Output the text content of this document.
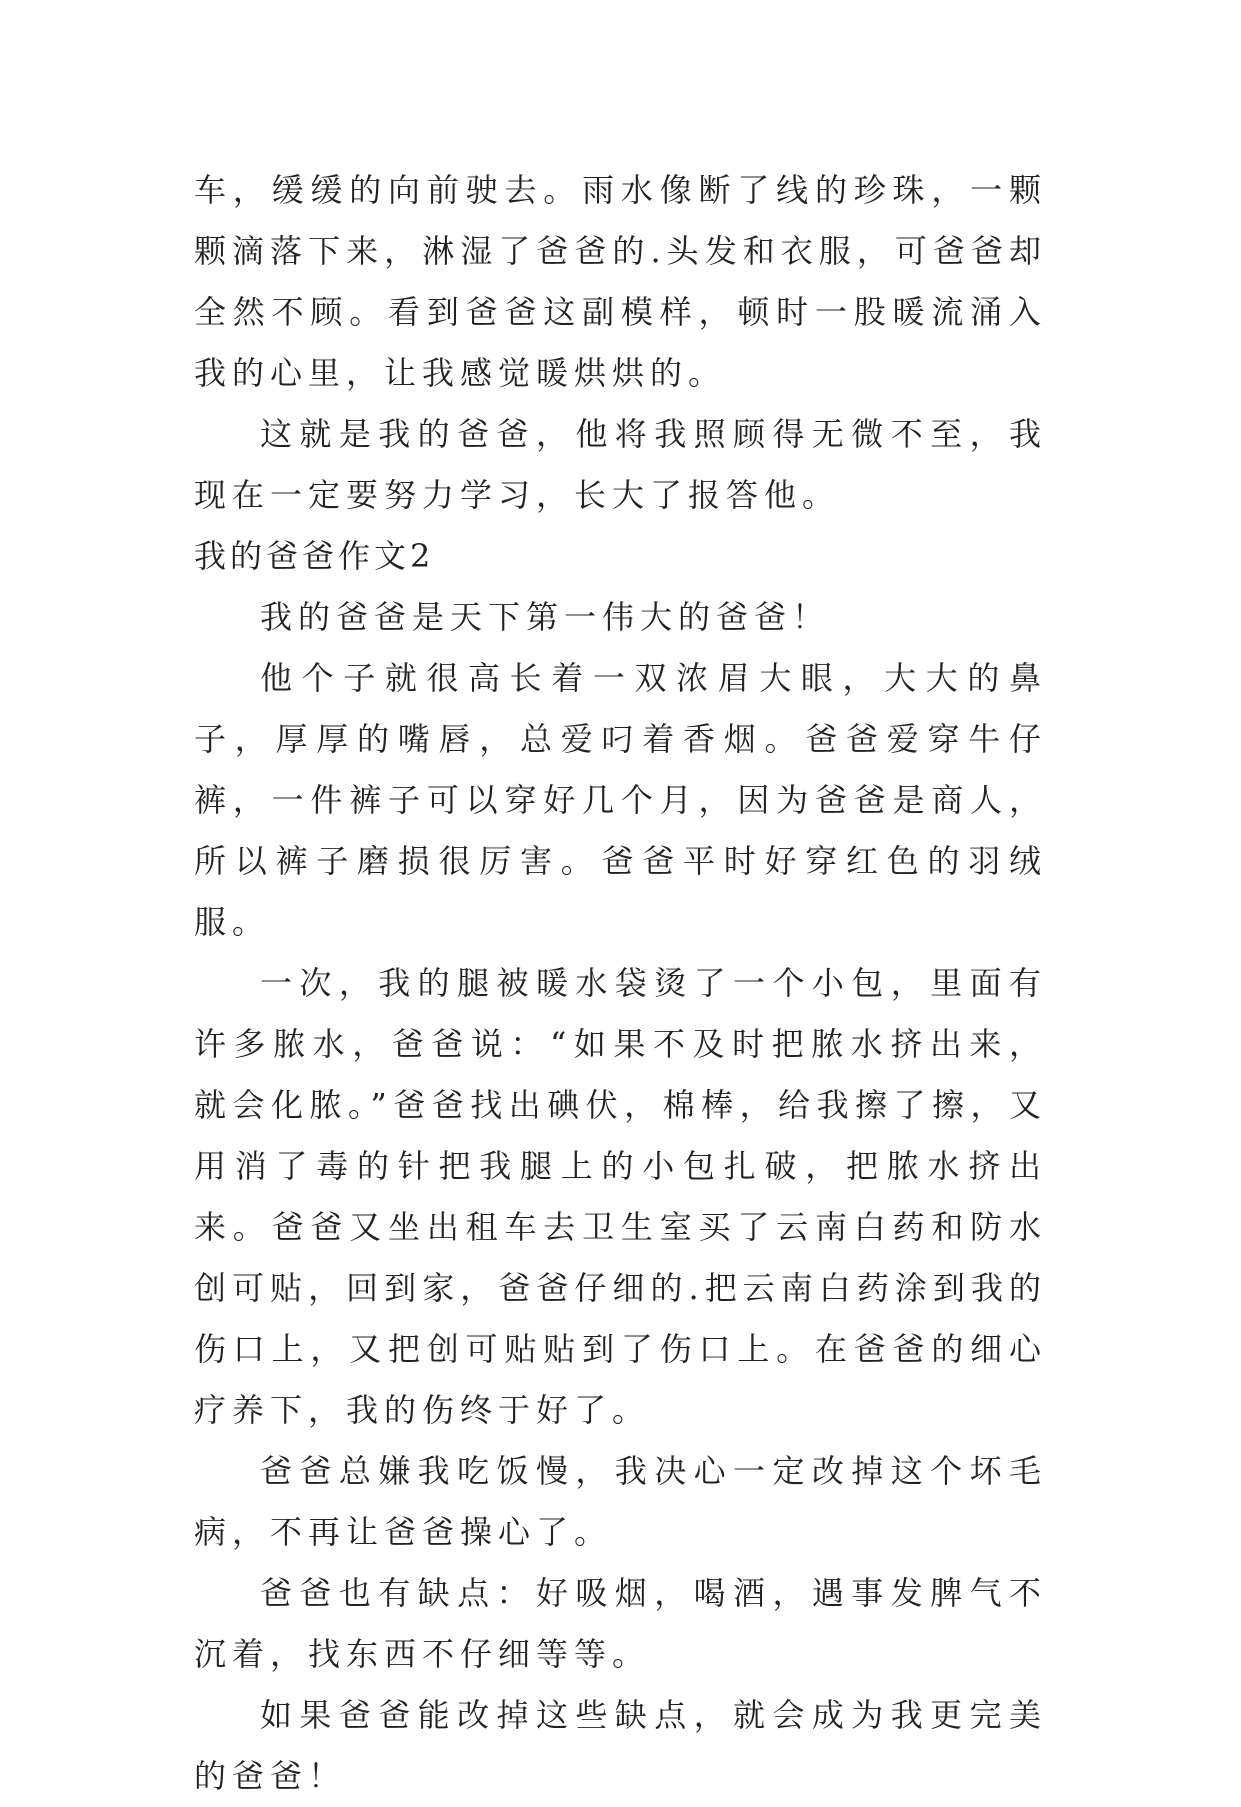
车，缓缓的向前驶去。雨水像断了线的珍珠，一颗颗滴落下来，淋湿了爸爸的.头发和衣服，可爸爸却全然不顾。看到爸爸这副模样，顿时一股暖流涌入我的心里，让我感觉暖烘烘的。

这就是我的爸爸，他将我照顾得无微不至，我现在一定要努力学习，长大了报答他。

我的爸爸作文2

我的爸爸是天下第一伟大的爸爸！

他个子就很高长着一双浓眉大眼，大大的鼻子，厚厚的嘴唇，总爱叼着香烟。爸爸爱穿牛仔裤，一件裤子可以穿好几个月，因为爸爸是商人，所以裤子磨损很厉害。爸爸平时好穿红色的羽绒服。

一次，我的腿被暖水袋烫了一个小包，里面有许多脓水，爸爸说：“如果不及时把脓水挤出来，就会化脓。”爸爸找出碘伏，棉棒，给我擦了擦，又用消了毒的针把我腿上的小包扎破，把脓水挤出来。爸爸又坐出租车去卫生室买了云南白药和防水创可贴，回到家，爸爸仔细的.把云南白药涂到我的伤口上，又把创可贴贴到了伤口上。在爸爸的细心疗养下，我的伤终于好了。

爸爸总嫌我吃饭慢，我决心一定改掉这个坏毛病，不再让爸爸操心了。

爸爸也有缺点：好吸烟，喝酒，遇事发脾气不沉着，找东西不仔细等等。

如果爸爸能改掉这些缺点，就会成为我更完美的爸爸！
